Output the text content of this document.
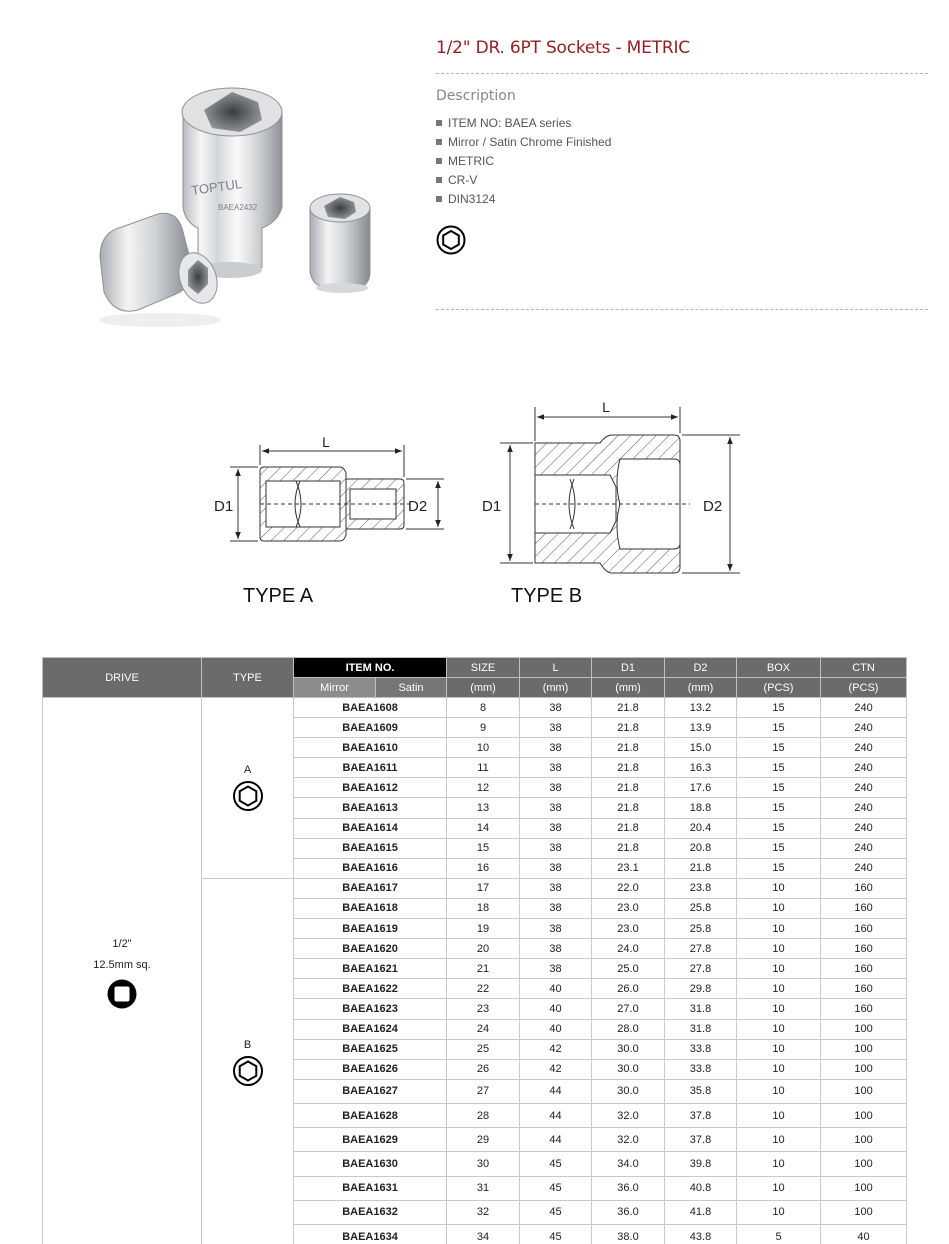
TOPTUL
BAEA2432
1/2" DR. 6PT Sockets - METRIC
Description
ITEM NO: BAEA series
Mirror / Satin Chrome Finished
METRIC
CR-V
DIN3124
L
D1	D2
TYPE A
L
D1	D2
TYPE B
DRIVE	TYPE	ITEM NO.		SIZE	L	D1	D2	BOX	CTN
		Mirror	Satin	(mm)	(mm)	(mm)	(mm)	(PCS)	(PCS)

1/2"
12.5mm sq.	A	BAEA1608		8	38	21.8	13.2	15	240
		BAEA1609		9	38	21.8	13.9	15	240
		BAEA1610		10	38	21.8	15.0	15	240
		BAEA1611		11	38	21.8	16.3	15	240
		BAEA1612		12	38	21.8	17.6	15	240
		BAEA1613		13	38	21.8	18.8	15	240
		BAEA1614		14	38	21.8	20.4	15	240
		BAEA1615		15	38	21.8	20.8	15	240
		BAEA1616		16	38	23.1	21.8	15	240

	B	BAEA1617		17	38	22.0	23.8	10	160
		BAEA1618		18	38	23.0	25.8	10	160
		BAEA1619		19	38	23.0	25.8	10	160
		BAEA1620		20	38	24.0	27.8	10	160
		BAEA1621		21	38	25.0	27.8	10	160
		BAEA1622		22	40	26.0	29.8	10	160
		BAEA1623		23	40	27.0	31.8	10	160
		BAEA1624		24	40	28.0	31.8	10	100
		BAEA1625		25	42	30.0	33.8	10	100
		BAEA1626		26	42	30.0	33.8	10	100
		BAEA1627		27	44	30.0	35.8	10	100
		BAEA1628		28	44	32.0	37.8	10	100
		BAEA1629		29	44	32.0	37.8	10	100
		BAEA1630		30	45	34.0	39.8	10	100
		BAEA1631		31	45	36.0	40.8	10	100
		BAEA1632		32	45	36.0	41.8	10	100
		BAEA1634		34	45	38.0	43.8	5	40
